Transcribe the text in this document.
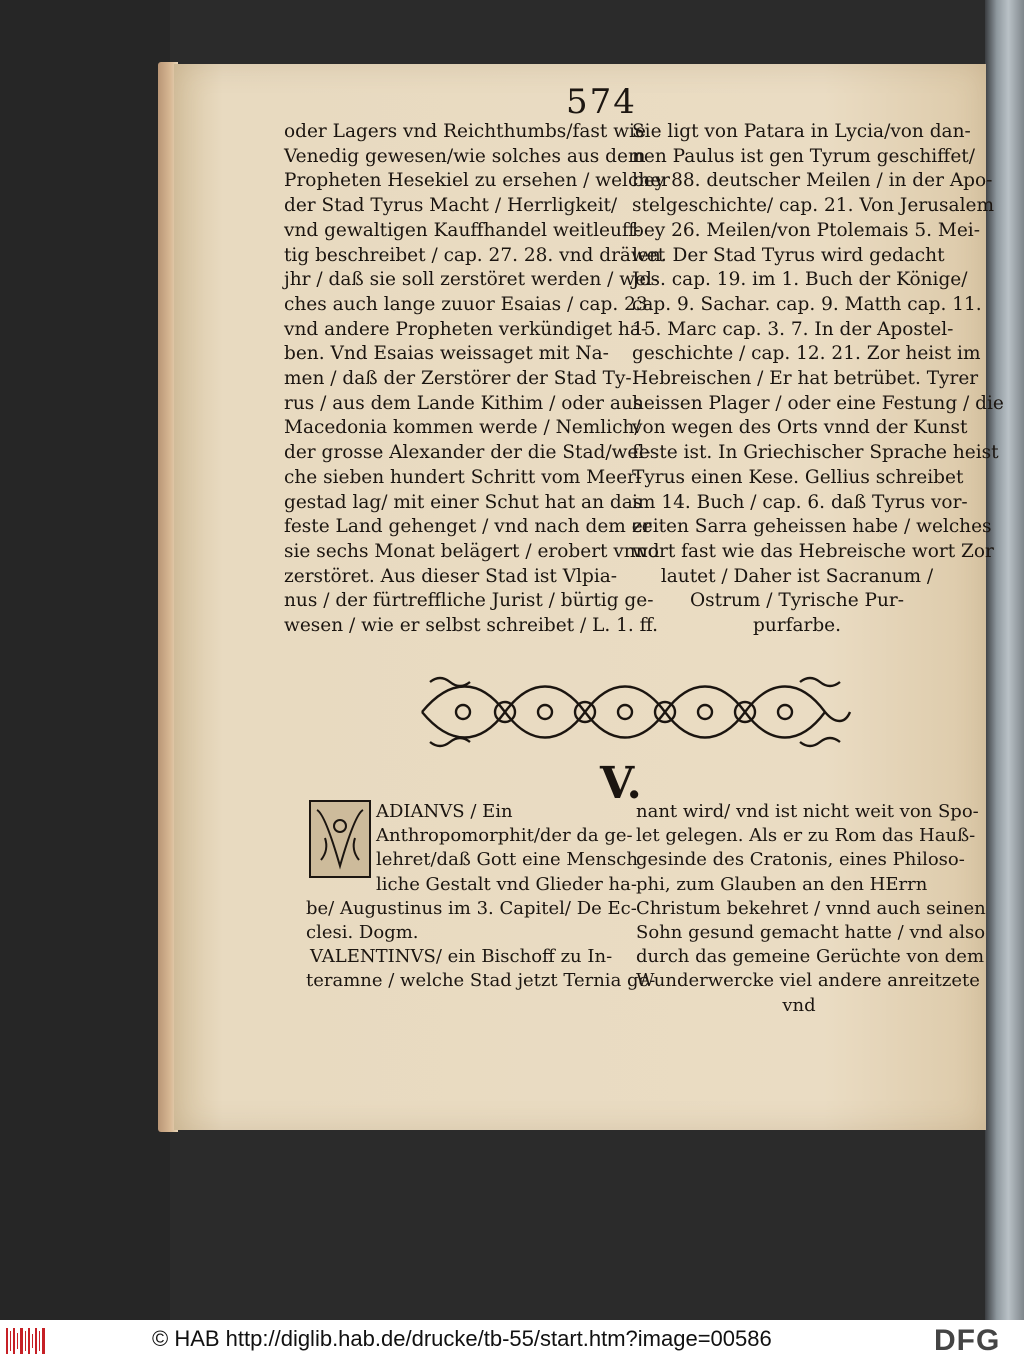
574
oder Lagers vnd Reichthumbs/fast wie
Venedig gewesen/wie solches aus dem
Propheten Hesekiel zu ersehen / welcher
der Stad Tyrus Macht / Herrligkeit/
vnd gewaltigen Kauffhandel weitleuff-
tig beschreibet / cap. 27. 28. vnd dräwet
jhr / daß sie soll zerstöret werden / wel-
ches auch lange zuuor Esaias / cap. 23.
vnd andere Propheten verkündiget ha-
ben. Vnd Esaias weissaget mit Na-
men / daß der Zerstörer der Stad Ty-
rus / aus dem Lande Kithim / oder aus
Macedonia kommen werde / Nemlich/
der grosse Alexander der die Stad/wel-
che sieben hundert Schritt vom Meer-
gestad lag/ mit einer Schut hat an das
feste Land gehenget / vnd nach dem er
sie sechs Monat belägert / erobert vnnd
zerstöret. Aus dieser Stad ist Vlpia-
nus / der fürtreffliche Jurist / bürtig ge-
wesen / wie er selbst schreibet / L. 1. ff.
Sie ligt von Patara in Lycia/von dan-
nen Paulus ist gen Tyrum geschiffet/
bey 88. deutscher Meilen / in der Apo-
stelgeschichte/ cap. 21. Von Jerusalem
bey 26. Meilen/von Ptolemais 5. Mei-
len. Der Stad Tyrus wird gedacht
Jos. cap. 19. im 1. Buch der Könige/
cap. 9. Sachar. cap. 9. Matth cap. 11.
15. Marc cap. 3. 7. In der Apostel-
geschichte / cap. 12. 21. Zor heist im
Hebreischen / Er hat betrübet. Tyrer
heissen Plager / oder eine Festung / die
von wegen des Orts vnnd der Kunst
feste ist. In Griechischer Sprache heist
Tyrus einen Kese. Gellius schreibet
im 14. Buch / cap. 6. daß Tyrus vor-
zeiten Sarra geheissen habe / welches
wort fast wie das Hebreische wort Zor
lautet / Daher ist Sacranum /
Ostrum / Tyrische Pur-
purfarbe.
V.
ADIANVS / Ein
Anthropomorphit/der da ge-
lehret/daß Gott eine Mensch
liche Gestalt vnd Glieder ha-
be/ Augustinus im 3. Capitel/ De Ec-
clesi. Dogm.
VALENTINVS/ ein Bischoff zu In-
teramne / welche Stad jetzt Ternia ge-
nant wird/ vnd ist nicht weit von Spo-
let gelegen. Als er zu Rom das Hauß-
gesinde des Cratonis, eines Philoso-
phi, zum Glauben an den HErrn
Christum bekehret / vnnd auch seinen
Sohn gesund gemacht hatte / vnd also
durch das gemeine Gerüchte von dem
Wunderwercke viel andere anreitzete
vnd
© HAB http://diglib.hab.de/drucke/tb-55/start.htm?image=00586	DFG
